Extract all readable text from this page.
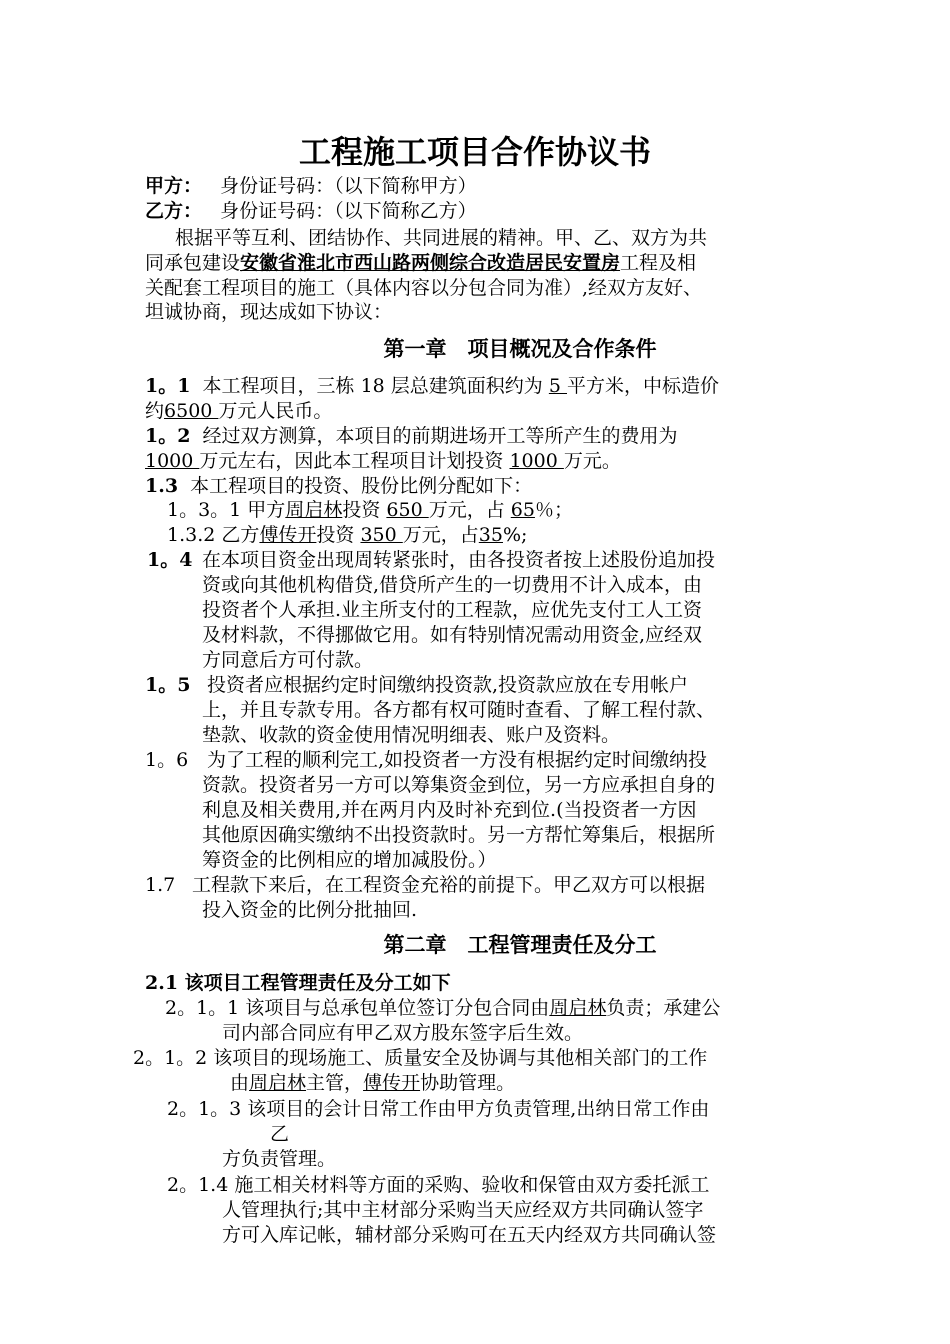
工程施工项目合作协议书
甲方： 身份证号码：（以下简称甲方）
乙方： 身份证号码：（以下简称乙方）
根据平等互利、团结协作、共同进展的精神。甲、乙、双方为共
同承包建设安徽省淮北市西山路两侧综合改造居民安置房工程及相
关配套工程项目的施工（具体内容以分包合同为准）,经双方友好、
坦诚协商，现达成如下协议：
第一章　项目概况及合作条件
1。1 本工程项目，三栋 18 层总建筑面积约为 5 平方米，中标造价
约6500 万元人民币。
1。2 经过双方测算，本项目的前期进场开工等所产生的费用为
1000 万元左右，因此本工程项目计划投资 1000 万元。
1.3 本工程项目的投资、股份比例分配如下：
1。3。1 甲方周启林投资 650 万元，占 65％；
1.3.2 乙方傅传开投资 350 万元，占35%;
1。4 在本项目资金出现周转紧张时，由各投资者按上述股份追加投
资或向其他机构借贷,借贷所产生的一切费用不计入成本，由
投资者个人承担.业主所支付的工程款，应优先支付工人工资
及材料款，不得挪做它用。如有特别情况需动用资金,应经双
方同意后方可付款。
1。5 投资者应根据约定时间缴纳投资款,投资款应放在专用帐户
上，并且专款专用。各方都有权可随时查看、了解工程付款、
垫款、收款的资金使用情况明细表、账户及资料。
1。6 为了工程的顺利完工,如投资者一方没有根据约定时间缴纳投
资款。投资者另一方可以筹集资金到位，另一方应承担自身的
利息及相关费用,并在两月内及时补充到位.(当投资者一方因
其他原因确实缴纳不出投资款时。另一方帮忙筹集后，根据所
筹资金的比例相应的增加减股份。）
1.7 工程款下来后，在工程资金充裕的前提下。甲乙双方可以根据
投入资金的比例分批抽回.
第二章　工程管理责任及分工
2.1 该项目工程管理责任及分工如下
2。1。1 该项目与总承包单位签订分包合同由周启林负责；承建公
司内部合同应有甲乙双方股东签字后生效。
2。1。2 该项目的现场施工、质量安全及协调与其他相关部门的工作
由周启林主管，傅传开协助管理。
2。1。3 该项目的会计日常工作由甲方负责管理,出纳日常工作由
乙
方负责管理。
2。1.4 施工相关材料等方面的采购、验收和保管由双方委托派工
人管理执行;其中主材部分采购当天应经双方共同确认签字
方可入库记帐，辅材部分采购可在五天内经双方共同确认签
